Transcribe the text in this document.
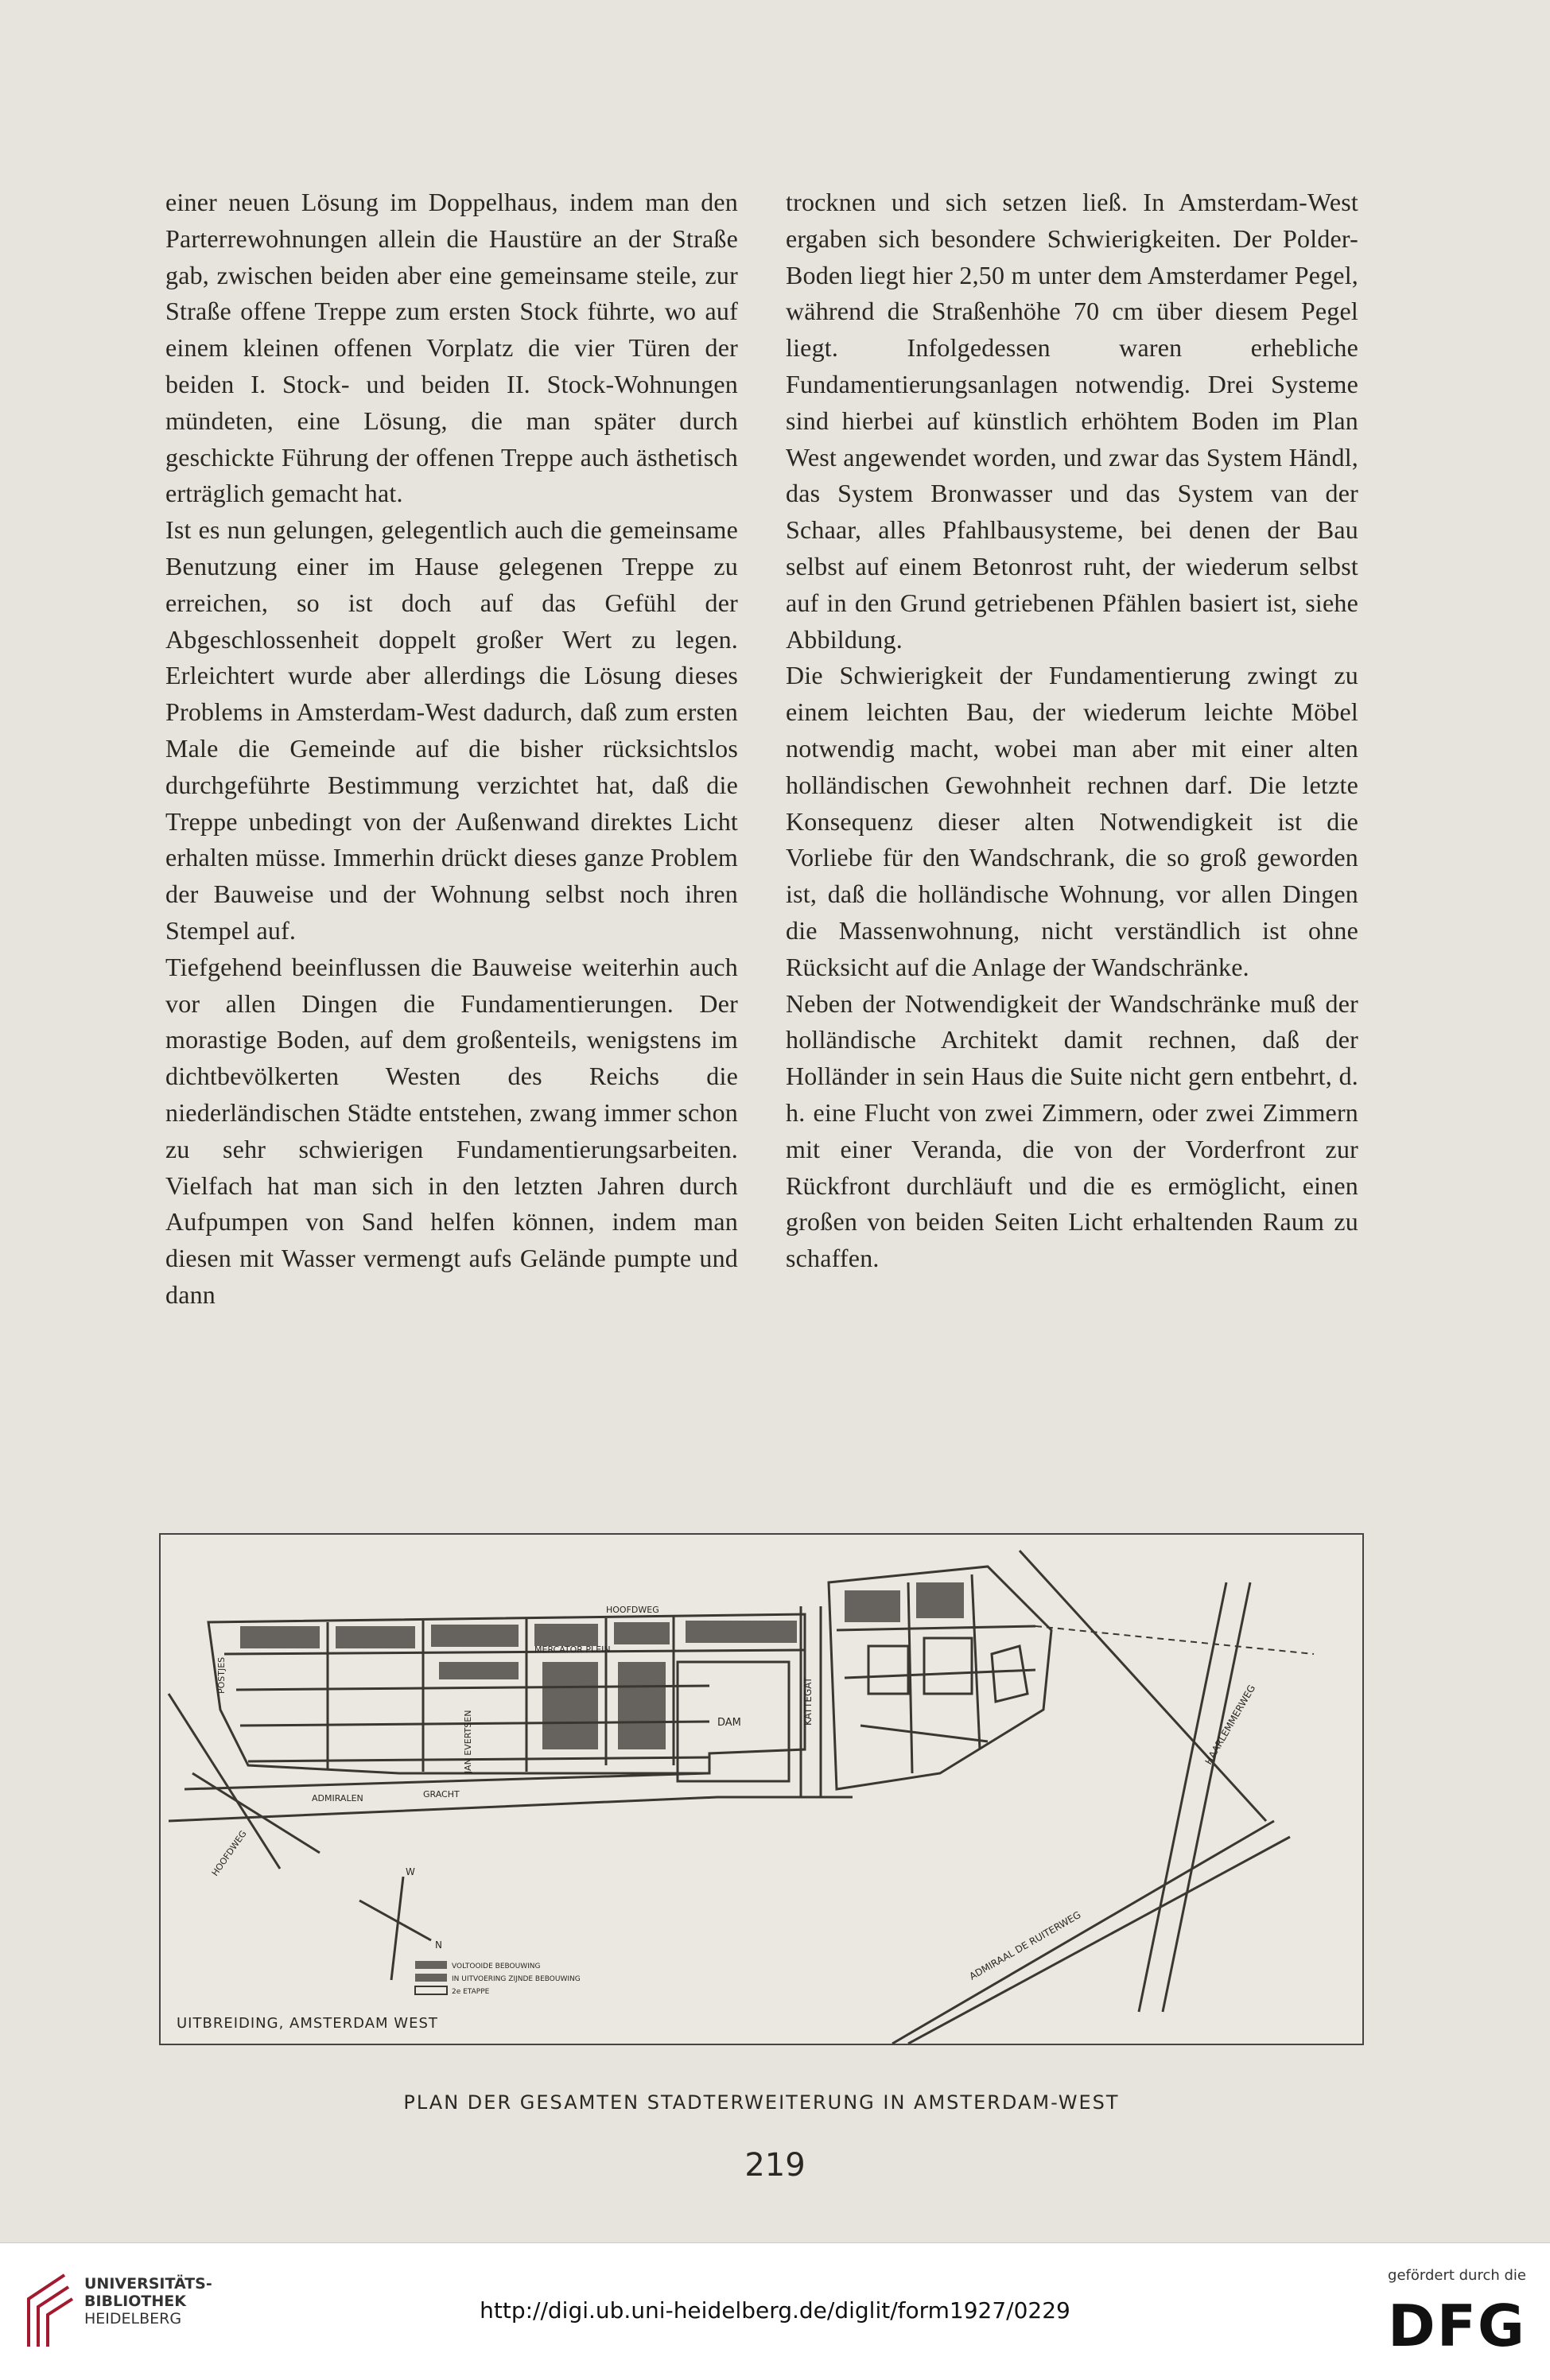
einer neuen Lösung im Doppelhaus, indem man den Parterrewohnungen allein die Haustüre an der Straße gab, zwischen beiden aber eine gemeinsame steile, zur Straße offene Treppe zum ersten Stock führte, wo auf einem kleinen offenen Vorplatz die vier Türen der beiden I. Stock- und beiden II. Stock-Wohnungen mündeten, eine Lösung, die man später durch geschickte Führung der offenen Treppe auch ästhetisch erträglich gemacht hat.

Ist es nun gelungen, gelegentlich auch die gemeinsame Benutzung einer im Hause gelegenen Treppe zu erreichen, so ist doch auf das Gefühl der Abgeschlossenheit doppelt großer Wert zu legen. Erleichtert wurde aber allerdings die Lösung dieses Problems in Amsterdam-West dadurch, daß zum ersten Male die Gemeinde auf die bisher rücksichtslos durchgeführte Bestimmung verzichtet hat, daß die Treppe unbedingt von der Außenwand direktes Licht erhalten müsse. Immerhin drückt dieses ganze Problem der Bauweise und der Wohnung selbst noch ihren Stempel auf.

Tiefgehend beeinflussen die Bauweise weiterhin auch vor allen Dingen die Fundamentierungen. Der morastige Boden, auf dem großenteils, wenigstens im dichtbevölkerten Westen des Reichs die niederländischen Städte entstehen, zwang immer schon zu sehr schwierigen Fundamentierungsarbeiten. Vielfach hat man sich in den letzten Jahren durch Aufpumpen von Sand helfen können, indem man diesen mit Wasser vermengt aufs Gelände pumpte und dann

trocknen und sich setzen ließ. In Amsterdam-West ergaben sich besondere Schwierigkeiten. Der Polder-Boden liegt hier 2,50 m unter dem Amsterdamer Pegel, während die Straßenhöhe 70 cm über diesem Pegel liegt. Infolgedessen waren erhebliche Fundamentierungsanlagen notwendig. Drei Systeme sind hierbei auf künstlich erhöhtem Boden im Plan West angewendet worden, und zwar das System Händl, das System Bronwasser und das System van der Schaar, alles Pfahlbausysteme, bei denen der Bau selbst auf einem Betonrost ruht, der wiederum selbst auf in den Grund getriebenen Pfählen basiert ist, siehe Abbildung.

Die Schwierigkeit der Fundamentierung zwingt zu einem leichten Bau, der wiederum leichte Möbel notwendig macht, wobei man aber mit einer alten holländischen Gewohnheit rechnen darf. Die letzte Konsequenz dieser alten Notwendigkeit ist die Vorliebe für den Wandschrank, die so groß geworden ist, daß die holländische Wohnung, vor allen Dingen die Massenwohnung, nicht verständlich ist ohne Rücksicht auf die Anlage der Wandschränke.

Neben der Notwendigkeit der Wandschränke muß der holländische Architekt damit rechnen, daß der Holländer in sein Haus die Suite nicht gern entbehrt, d. h. eine Flucht von zwei Zimmern, oder zwei Zimmern mit einer Veranda, die von der Vorderfront zur Rückfront durchläuft und die es ermöglicht, einen großen von beiden Seiten Licht erhaltenden Raum zu schaffen.

MERCATOR PLEIN
HOOFDWEG
DAM	KATTEGAT
ADMIRALEN	GRACHT
HAARLEMMERWEG
ADMIRAAL DE RUITERWEG
POSTJES
JAN EVERTSEN
HOOFDWEG
VOLTOOIDE BEBOUWING
IN UITVOERING ZIJNDE BEBOUWING
2e ETAPPE
N
W
UITBREIDING, AMSTERDAM WEST
PLAN DER GESAMTEN STADTERWEITERUNG IN AMSTERDAM-WEST
219
UNIVERSITÄTS-
BIBLIOTHEK
HEIDELBERG	http://digi.ub.uni-heidelberg.de/diglit/form1927/0229
gefördert durch die
DFG
